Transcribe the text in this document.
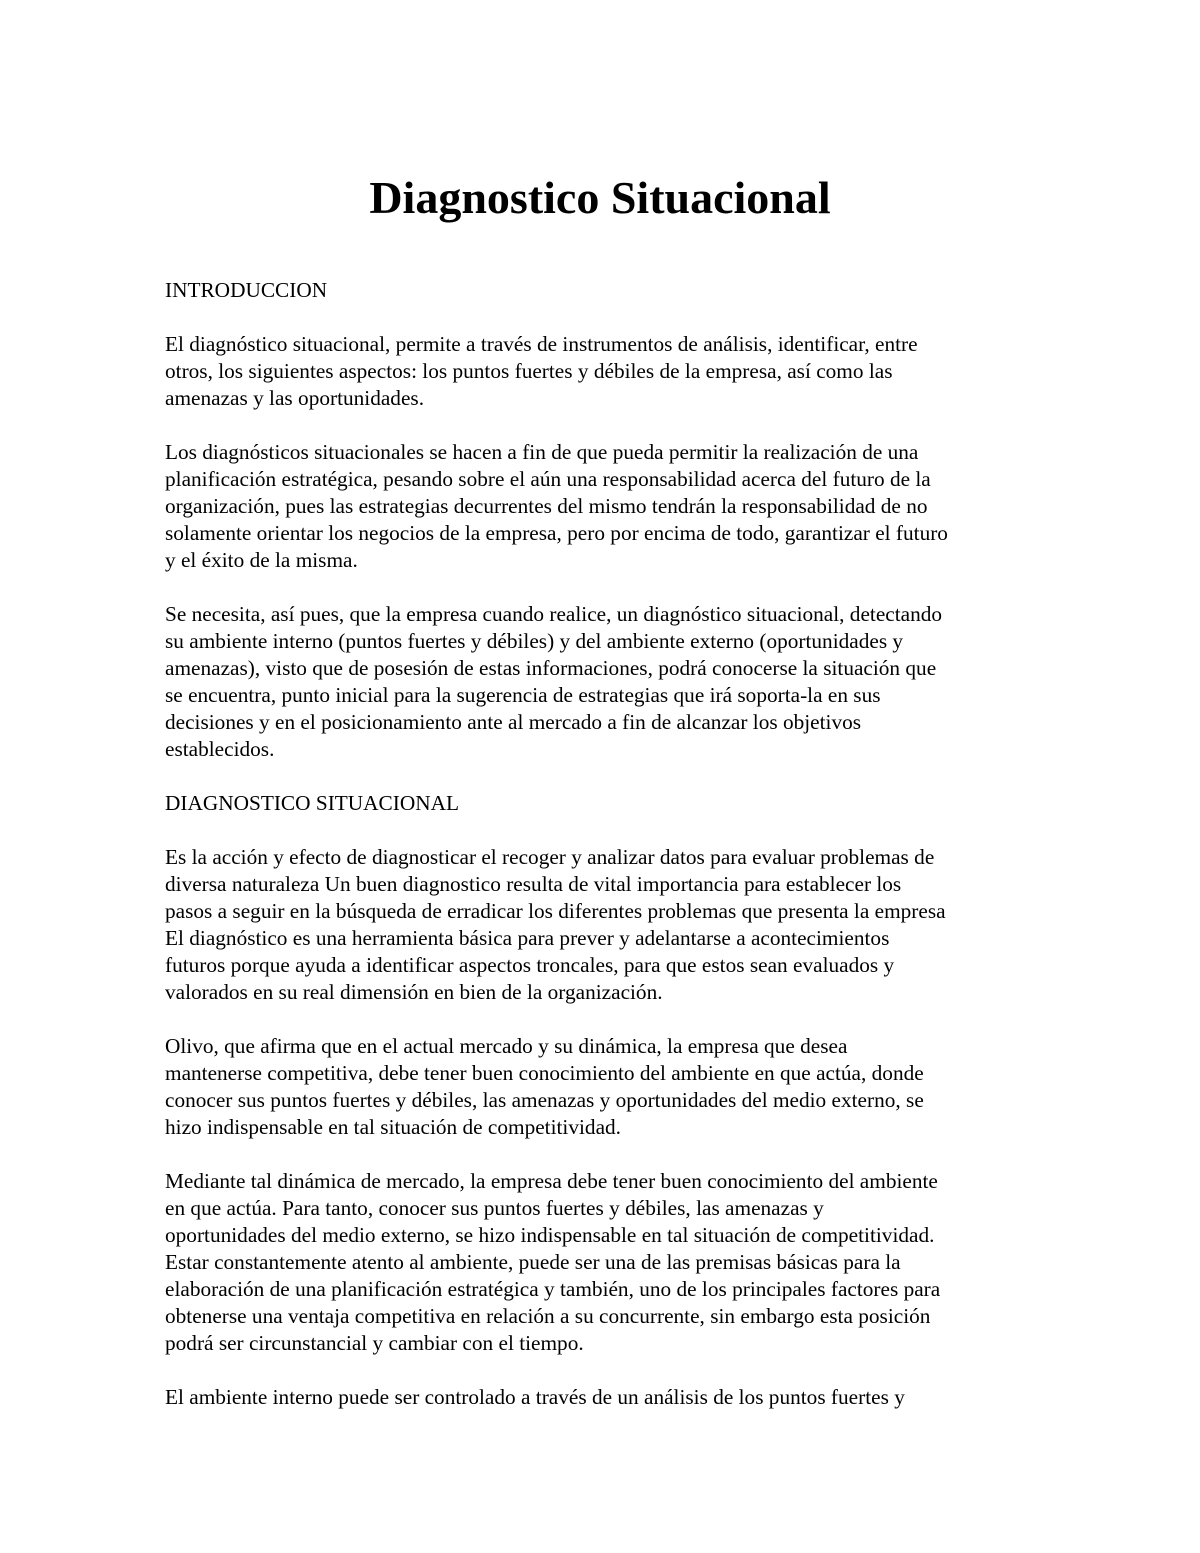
Diagnostico Situacional

INTRODUCCION

El diagnóstico situacional, permite a través de instrumentos de análisis, identificar, entre
otros, los siguientes aspectos: los puntos fuertes y débiles de la empresa, así como las
amenazas y las oportunidades.

Los diagnósticos situacionales se hacen a fin de que pueda permitir la realización de una
planificación estratégica, pesando sobre el aún una responsabilidad acerca del futuro de la
organización, pues las estrategias decurrentes del mismo tendrán la responsabilidad de no
solamente orientar los negocios de la empresa, pero por encima de todo, garantizar el futuro
y el éxito de la misma.

Se necesita, así pues, que la empresa cuando realice, un diagnóstico situacional, detectando
su ambiente interno (puntos fuertes y débiles) y del ambiente externo (oportunidades y
amenazas), visto que de posesión de estas informaciones, podrá conocerse la situación que
se encuentra, punto inicial para la sugerencia de estrategias que irá soporta-la en sus
decisiones y en el posicionamiento ante al mercado a fin de alcanzar los objetivos
establecidos.

DIAGNOSTICO SITUACIONAL

Es la acción y efecto de diagnosticar el recoger y analizar datos para evaluar problemas de
diversa naturaleza Un buen diagnostico resulta de vital importancia para establecer los
pasos a seguir en la búsqueda de erradicar los diferentes problemas que presenta la empresa
El diagnóstico es una herramienta básica para prever y adelantarse a acontecimientos
futuros porque ayuda a identificar aspectos troncales, para que estos sean evaluados y
valorados en su real dimensión en bien de la organización.

Olivo, que afirma que en el actual mercado y su dinámica, la empresa que desea
mantenerse competitiva, debe tener buen conocimiento del ambiente en que actúa, donde
conocer sus puntos fuertes y débiles, las amenazas y oportunidades del medio externo, se
hizo indispensable en tal situación de competitividad.

Mediante tal dinámica de mercado, la empresa debe tener buen conocimiento del ambiente
en que actúa. Para tanto, conocer sus puntos fuertes y débiles, las amenazas y
oportunidades del medio externo, se hizo indispensable en tal situación de competitividad.
Estar constantemente atento al ambiente, puede ser una de las premisas básicas para la
elaboración de una planificación estratégica y también, uno de los principales factores para
obtenerse una ventaja competitiva en relación a su concurrente, sin embargo esta posición
podrá ser circunstancial y cambiar con el tiempo.

El ambiente interno puede ser controlado a través de un análisis de los puntos fuertes y
